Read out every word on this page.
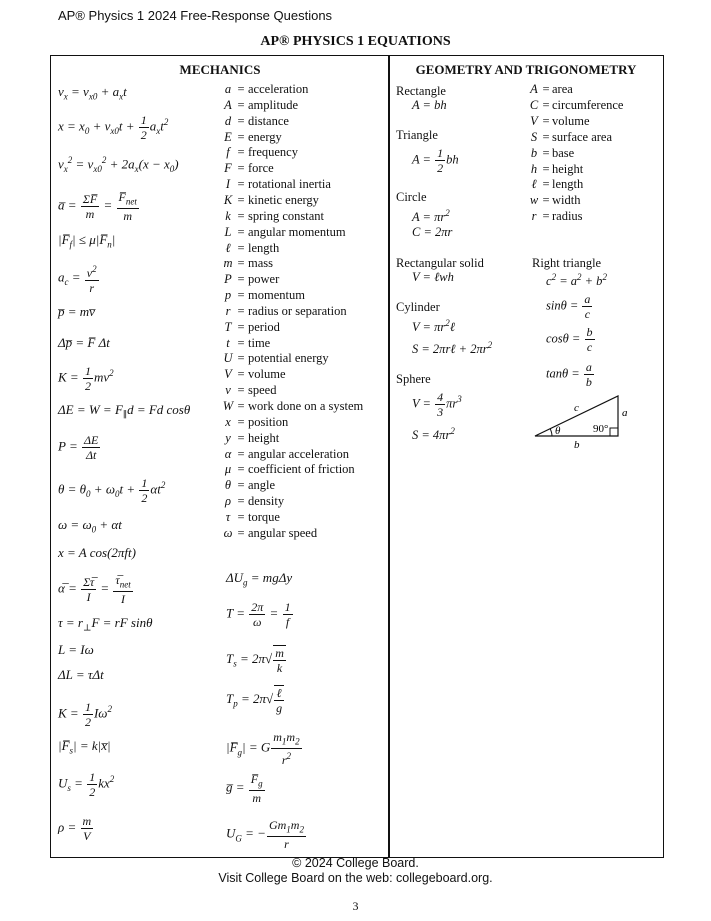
AP® Physics 1 2024 Free-Response Questions
AP® PHYSICS 1 EQUATIONS
MECHANICS	GEOMETRY AND TRIGONOMETRY
$v_x = v_{x0} + a_xt$
$x = x_0 + v_{x0}t + \frac{1}{2} a_xt^2$
$v_x^2 = v_{x0}^2 + 2a_x(x - x_0)$
a̅ = $\frac{\Sigma F̅}{m} = \frac{F̅_{net}}{m}$
$|F̅_f|$ ≤ $\mu|F̅_n|$
$a_c = \frac{v^2}{r}$
p̅ = mv̅
Δp̅ = F̅ Δt
$K = \frac{1}{2} mv^2$
$\Delta E = W = F_\parallel d = Fd$ cosθ
$P = \frac{\Delta E}{\Delta t}$
$\theta = \theta_0 + \omega_0t + \frac{1}{2} \alpha t^2$
$\omega = \omega_0 + \alpha t$
x = A cos(2πft)
α̅ = $\frac{\Sigma\tau̅}{I} = \frac{\tau̅_{net}}{I}$
$\tau = r_\perp F$ = rF sinθ
L = Iω
ΔL = τΔt
$K = \frac{1}{2} I\omega^2$
$|F̅_s|$ = k|x̅|
$U_s = \frac{1}{2} kx^2$
$\rho = \frac{m}{V}$
a = acceleration
A = amplitude
d = distance
E = energy
f = frequency
F = force
I = rotational inertia
K = kinetic energy
k = spring constant
L = angular momentum
ℓ = length
m = mass
P = power
p = momentum
r = radius or separation
T = period
t = time
U = potential energy
V = volume
v = speed
W = work done on a system
x = position
y = height
α = angular acceleration
μ = coefficient of friction
θ = angle
ρ = density
τ = torque
ω = angular speed
$\Delta U_g = mg\Delta y$
$T = \frac{2\pi}{\omega} = \frac{1}{f}$
$T_s = 2\pi√ \frac{m}{k}$
$T_p = 2\pi√ \frac{\text{ℓ}}{g}$
$|F̅_g| = G \frac{m_1m_2}{r^2}$
g̅ = $\frac{F̅_g}{m}$
$U_G$ = − $\frac{Gm_1m_2}{r}$
Rectangle
A = bh
Triangle
$A = \frac{1}{2}$ bh
Circle
$A = \pi r^2$
C = 2πr
Rectangular solid
V = ℓwh
Cylinder
$V = \pi r^2\ell$
S = 2πrℓ + $2\pi r^2$
Sphere
$V = \frac{4}{3} \pi r^3$
$S = 4\pi r^2$
A = area
C = circumference
V = volume
S = surface area
b = base
h = height
ℓ = length
w = width
r = radius
Right triangle
$c^2 = a^2 + b^2$
$\sin\theta = \frac{a}{c}$
$\cos\theta = \frac{b}{c}$
$\tan\theta = \frac{a}{b}$
c	a
b
θ	90°
© 2024 College Board.
Visit College Board on the web: collegeboard.org.
3
